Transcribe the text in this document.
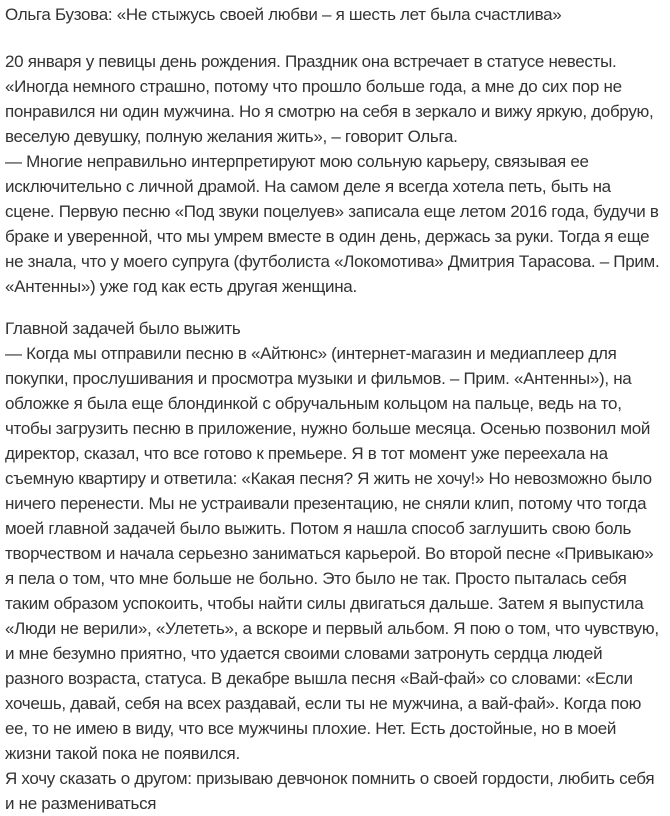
Ольга Бузова: «Не стыжусь своей любви – я шесть лет была счастлива»

20 января у певицы день рождения. Праздник она встречает в статусе невесты. «Иногда немного страшно, потому что прошло больше года, а мне до сих пор не понравился ни один мужчина. Но я смотрю на себя в зеркало и вижу яркую, добрую, веселую девушку, полную желания жить», – говорит Ольга.

— Многие неправильно интерпретируют мою сольную карьеру, связывая ее исключительно с личной драмой. На самом деле я всегда хотела петь, быть на сцене. Первую песню «Под звуки поцелуев» записала еще летом 2016 года, будучи в браке и уверенной, что мы умрем вместе в один день, держась за руки. Тогда я еще не знала, что у моего супруга (футболиста «Локомотива» Дмитрия Тарасова. – Прим. «Антенны») уже год как есть другая женщина.

Главной задачей было выжить

— Когда мы отправили песню в «Айтюнс» (интернет-магазин и медиаплеер для покупки, прослушивания и просмотра музыки и фильмов. – Прим. «Антенны»), на обложке я была еще блондинкой с обручальным кольцом на пальце, ведь на то, чтобы загрузить песню в приложение, нужно больше месяца. Осенью позвонил мой директор, сказал, что все готово к премьере. Я в тот момент уже переехала на съемную квартиру и ответила: «Какая песня? Я жить не хочу!» Но невозможно было ничего перенести. Мы не устраивали презентацию, не сняли клип, потому что тогда моей главной задачей было выжить. Потом я нашла способ заглушить свою боль творчеством и начала серьезно заниматься карьерой. Во второй песне «Привыкаю» я пела о том, что мне больше не больно. Это было не так. Просто пыталась себя таким образом успокоить, чтобы найти силы двигаться дальше. Затем я выпустила «Люди не верили», «Улететь», а вскоре и первый альбом. Я пою о том, что чувствую, и мне безумно приятно, что удается своими словами затронуть сердца людей разного возраста, статуса. В декабре вышла песня «Вай-фай» со словами: «Если хочешь, давай, себя на всех раздавай, если ты не мужчина, а вай-фай». Когда пою ее, то не имею в виду, что все мужчины плохие. Нет. Есть достойные, но в моей жизни такой пока не появился.

Я хочу сказать о другом: призываю девчонок помнить о своей гордости, любить себя и не размениваться
